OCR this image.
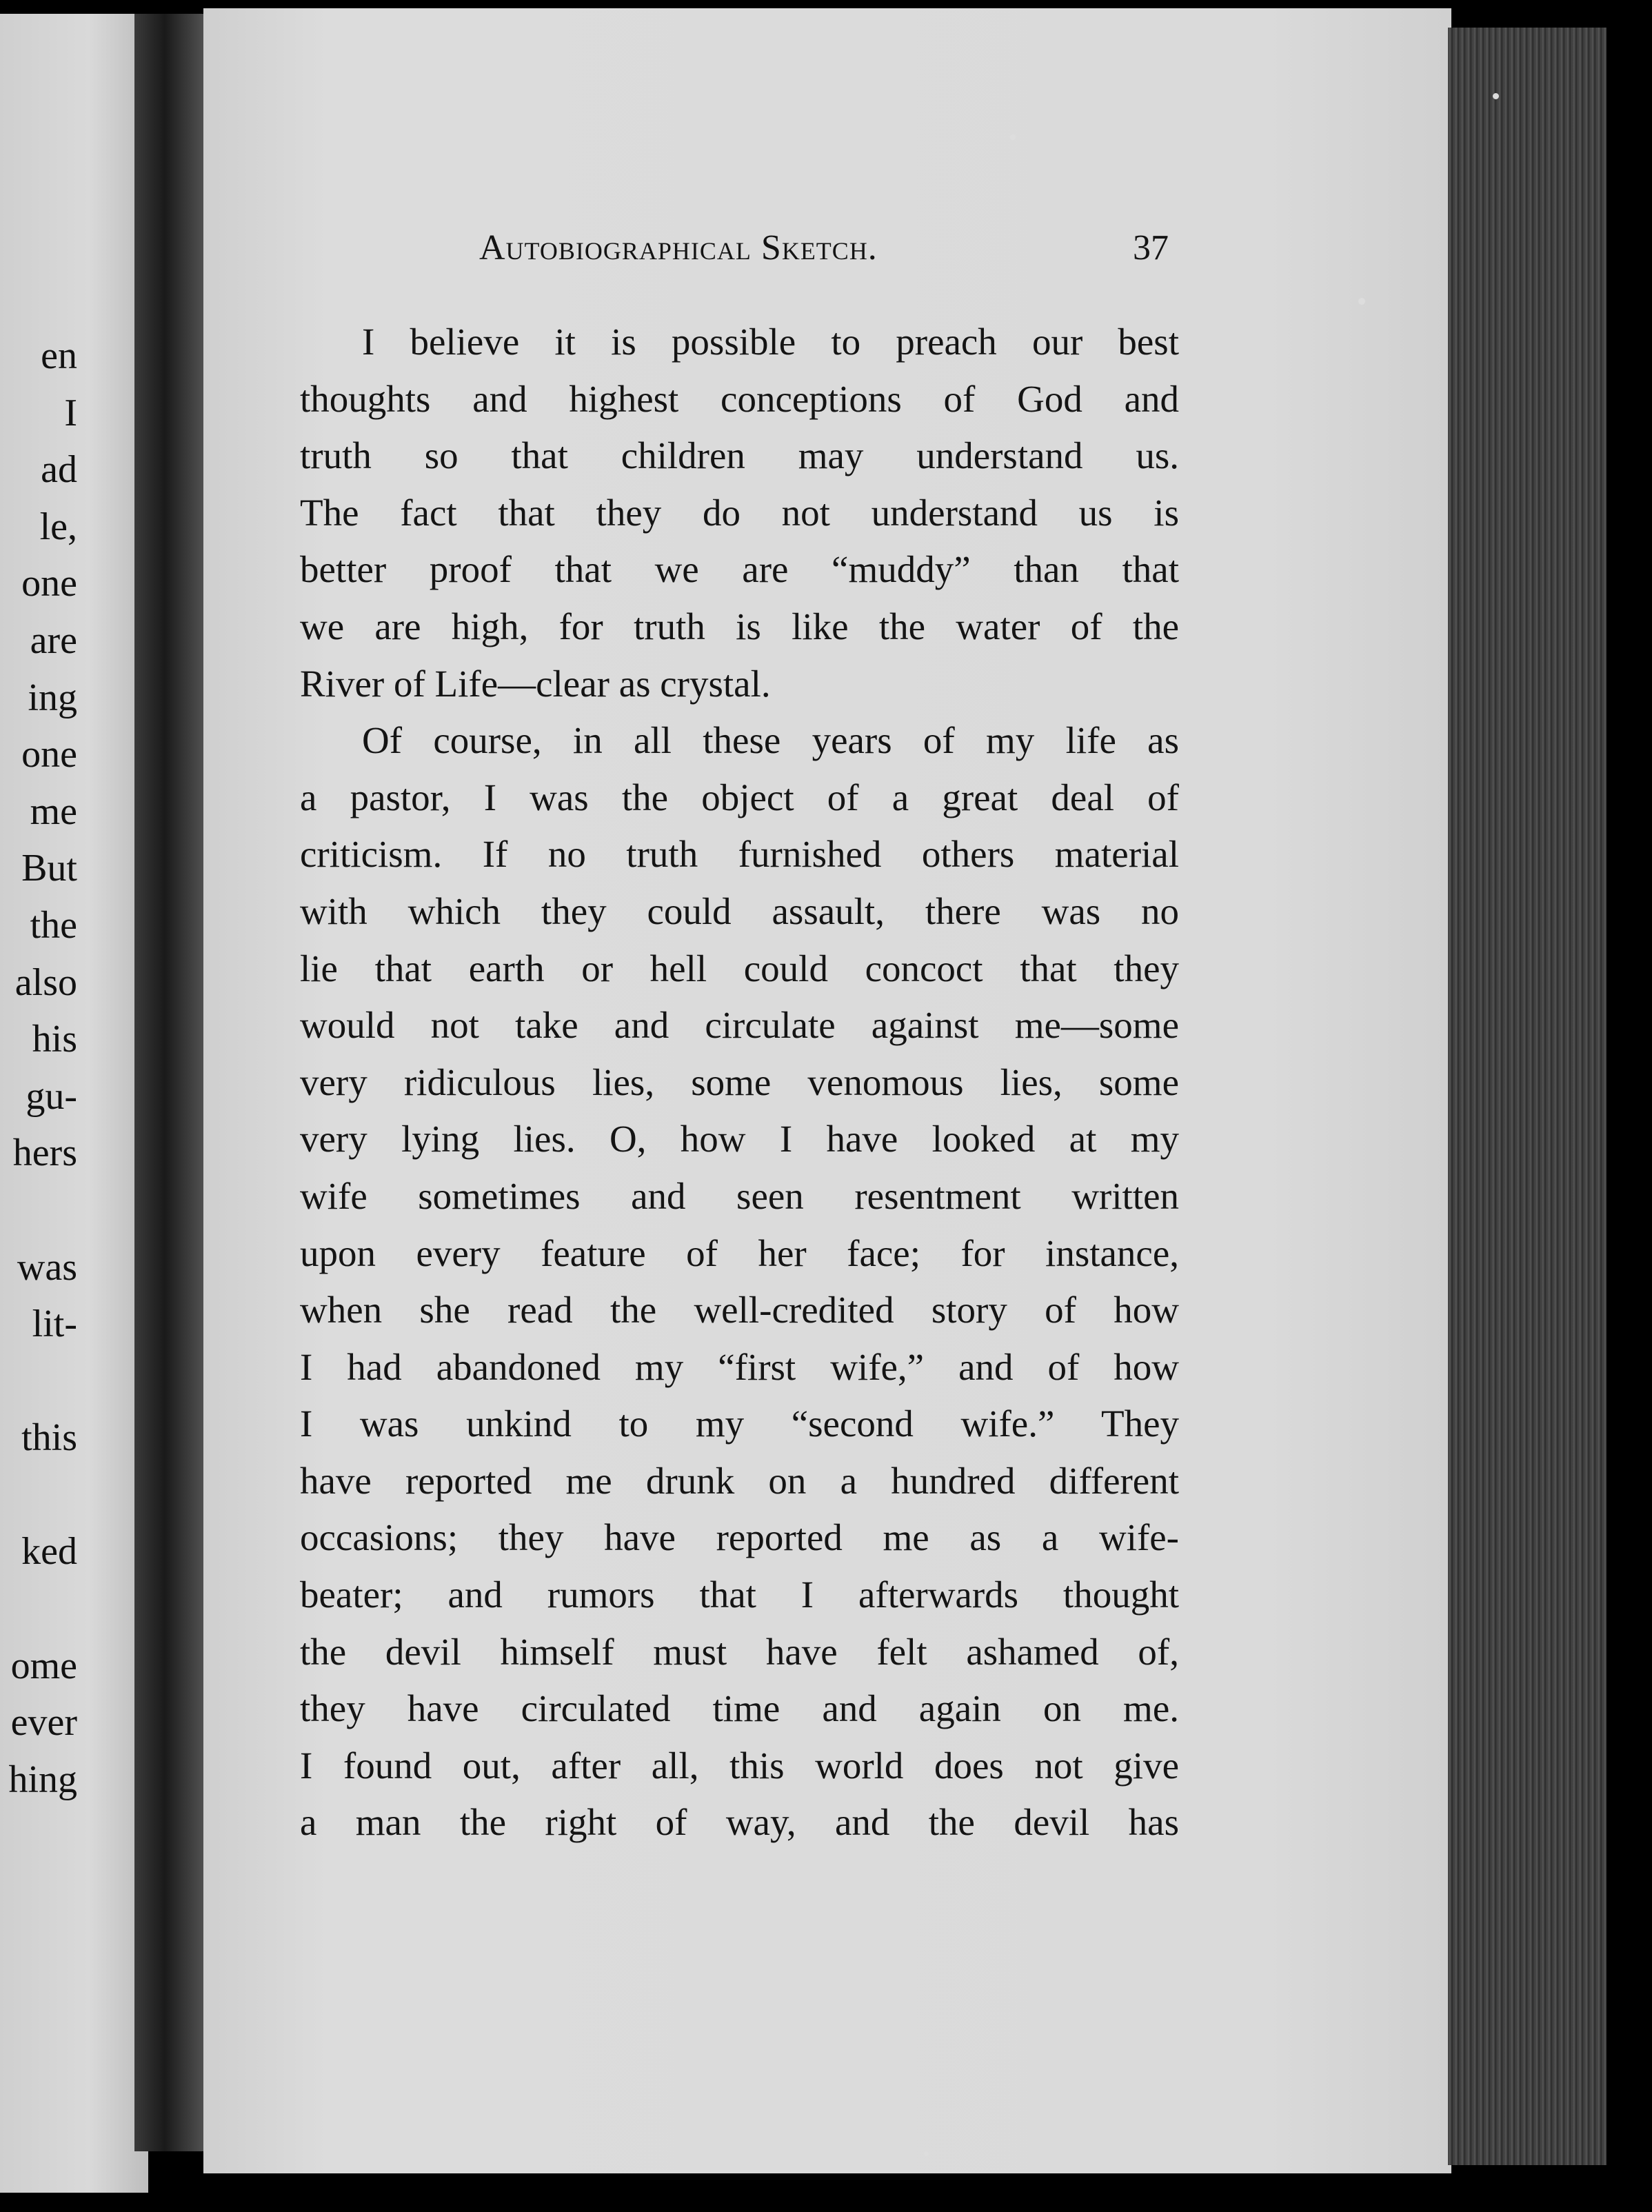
en
I
ad
le,
one
are
ing
one
me
But
the
also
his
gu-
hers
was
lit-
this
ked
ome
ever
hing
Autobiographical Sketch.	37
I believe it is possible to preach our best
thoughts and highest conceptions of God and
truth so that children may understand us.
The fact that they do not understand us is
better proof that we are “muddy” than that
we are high, for truth is like the water of the
River of Life—clear as crystal.
Of course, in all these years of my life as
a pastor, I was the object of a great deal of
criticism. If no truth furnished others material
with which they could assault, there was no
lie that earth or hell could concoct that they
would not take and circulate against me—some
very ridiculous lies, some venomous lies, some
very lying lies. O, how I have looked at my
wife sometimes and seen resentment written
upon every feature of her face; for instance,
when she read the well-credited story of how
I had abandoned my “first wife,” and of how
I was unkind to my “second wife.” They
have reported me drunk on a hundred different
occasions; they have reported me as a wife-
beater; and rumors that I afterwards thought
the devil himself must have felt ashamed of,
they have circulated time and again on me.
I found out, after all, this world does not give
a man the right of way, and the devil has
